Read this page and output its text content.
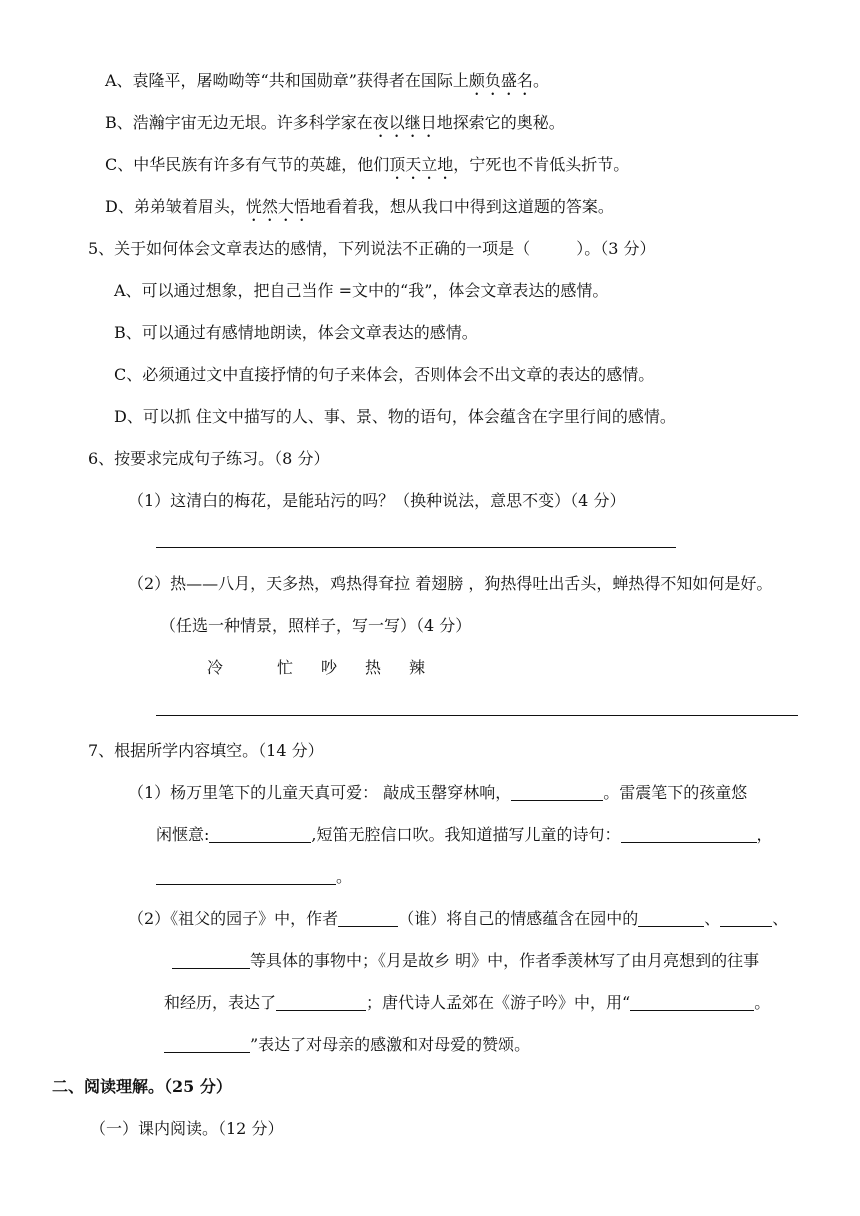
A、袁隆平，屠呦呦等“共和国勋章”获得者在国际上颇负盛名。
B、浩瀚宇宙无边无垠。许多科学家在夜以继日地探索它的奥秘。
C、中华民族有许多有气节的英雄，他们顶天立地，宁死也不肯低头折节。
D、弟弟皱着眉头，恍然大悟地看着我，想从我口中得到这道题的答案。
5、关于如何体会文章表达的感情，下列说法不正确的一项是（	）。（3 分）
A、可以通过想象，把自己当作 =文中的“我”，体会文章表达的感情。
B、可以通过有感情地朗读，体会文章表达的感情。
C、必须通过文中直接抒情的句子来体会，否则体会不出文章的表达的感情。
D、可以抓 住文中描写的人、事、景、物的语句，体会蕴含在字里行间的感情。
6、按要求完成句子练习。（8 分）
（1）这清白的梅花，是能玷污的吗？（换种说法，意思不变）（4 分）
（2）热——八月，天多热，鸡热得耷拉 着翅膀 ，狗热得吐出舌头，蝉热得不知如何是好。
（任选一种情景，照样子，写一写）（4 分）
冷	忙 吵 热 辣
7、根据所学内容填空。（14 分）
（1）杨万里笔下的儿童天真可爱： 敲成玉罄穿林响，	。雷震笔下的孩童悠
闲惬意:	,短笛无腔信口吹。我知道描写儿童的诗句：	，
。
（2）《祖父的园子》中，作者	（谁）将自己的情感蕴含在园中的	、	、
等具体的事物中；《月是故乡 明》中，作者季羡林写了由月亮想到的往事
和经历，表达了	；唐代诗人孟郊在《游子吟》中，用“	。
”表达了对母亲的感激和对母爱的赞颂。
二、阅读理解。（25 分）
（一）课内阅读。（12 分）
